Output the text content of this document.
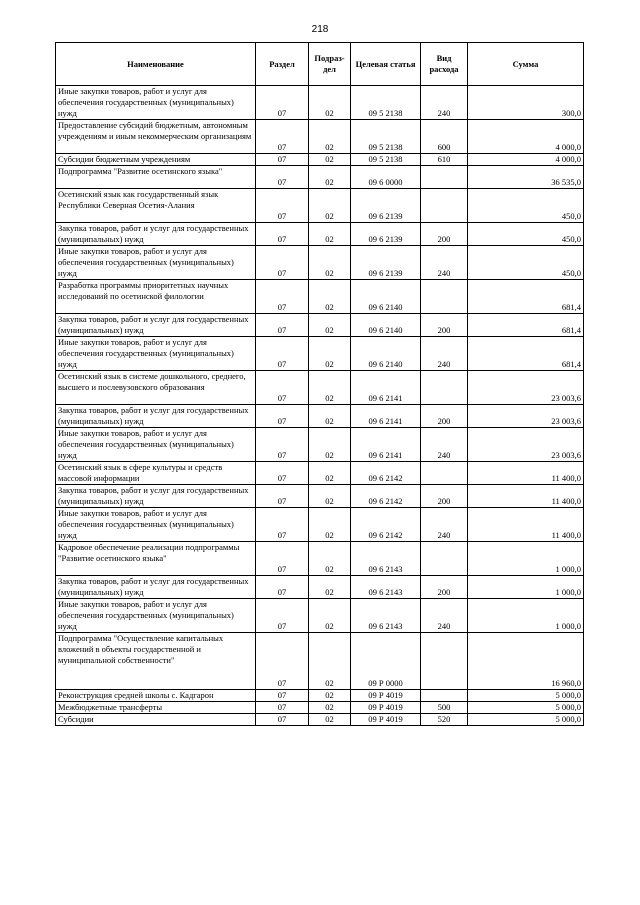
218
Наименование	Раздел	Подраз-дел	Целевая статья	Вид расхода	Сумма
Иные закупки товаров, работ и услуг для обеспечения государственных (муниципальных) нужд	07	02	09 5 2138	240	300,0
Предоставление субсидий бюджетным, автономным учреждениям и иным некоммерческим организациям	07	02	09 5 2138	600	4 000,0
Субсидии бюджетным учреждениям	07	02	09 5 2138	610	4 000,0
Подпрограмма "Развитие осетинского языка"	07	02	09 6 0000		36 535,0
Осетинский язык как государственный язык Республики Северная Осетия-Алания	07	02	09 6 2139		450,0
Закупка товаров, работ и услуг для государственных (муниципальных) нужд	07	02	09 6 2139	200	450,0
Иные закупки товаров, работ и услуг для обеспечения государственных (муниципальных) нужд	07	02	09 6 2139	240	450,0
Разработка программы приоритетных научных исследований по осетинской филологии	07	02	09 6 2140		681,4
Закупка товаров, работ и услуг для государственных (муниципальных) нужд	07	02	09 6 2140	200	681,4
Иные закупки товаров, работ и услуг для обеспечения государственных (муниципальных) нужд	07	02	09 6 2140	240	681,4
Осетинский язык в системе дошкольного, среднего, высшего и послевузовского образования	07	02	09 6 2141		23 003,6
Закупка товаров, работ и услуг для государственных (муниципальных) нужд	07	02	09 6 2141	200	23 003,6
Иные закупки товаров, работ и услуг для обеспечения государственных (муниципальных) нужд	07	02	09 6 2141	240	23 003,6
Осетинский язык в сфере культуры и средств массовой информации	07	02	09 6 2142		11 400,0
Закупка товаров, работ и услуг для государственных (муниципальных) нужд	07	02	09 6 2142	200	11 400,0
Иные закупки товаров, работ и услуг для обеспечения государственных (муниципальных) нужд	07	02	09 6 2142	240	11 400,0
Кадровое обеспечение реализации подпрограммы "Развитие осетинского языка"	07	02	09 6 2143		1 000,0
Закупка товаров, работ и услуг для государственных (муниципальных) нужд	07	02	09 6 2143	200	1 000,0
Иные закупки товаров, работ и услуг для обеспечения государственных (муниципальных) нужд	07	02	09 6 2143	240	1 000,0
Подпрограмма "Осуществление капитальных вложений в объекты государственной и муниципальной собственности"	07	02	09 Р 0000		16 960,0
Реконструкция средней школы с. Кадгарон	07	02	09 Р 4019		5 000,0
Межбюджетные трансферты	07	02	09 Р 4019	500	5 000,0
Субсидии	07	02	09 Р 4019	520	5 000,0
